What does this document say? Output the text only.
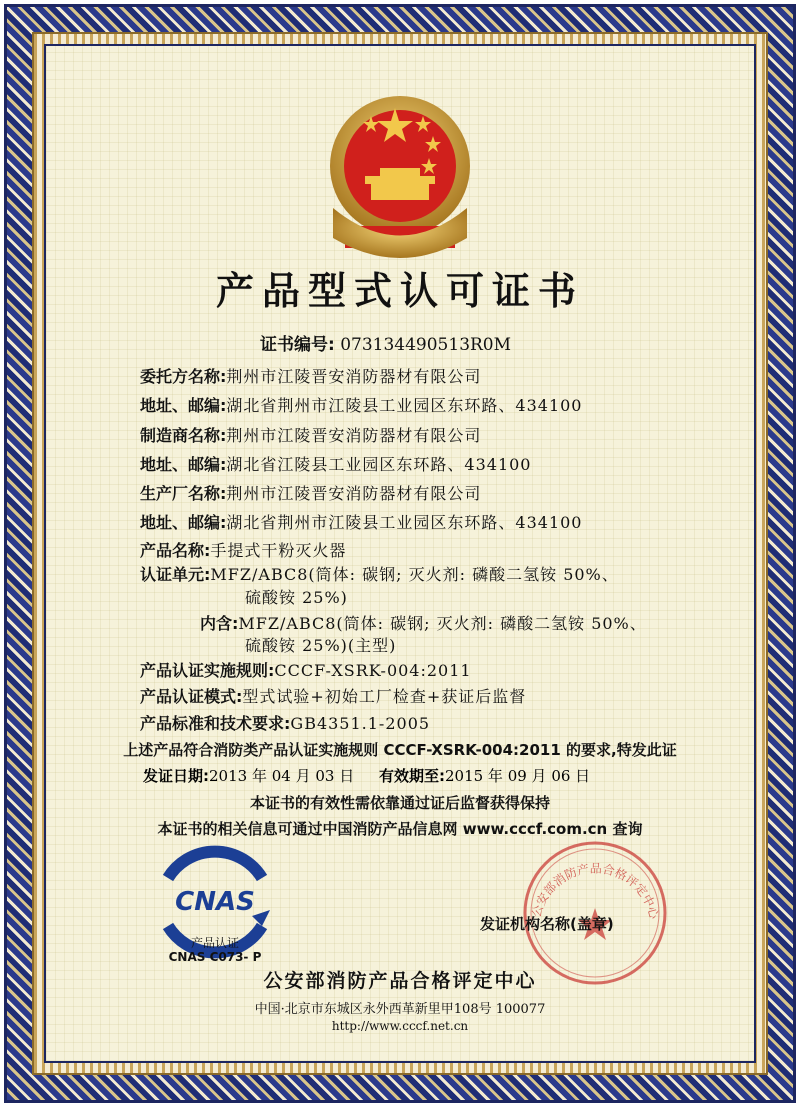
产品型式认可证书
证书编号: 073134490513R0M
委托方名称:荆州市江陵晋安消防器材有限公司
地址、邮编:湖北省荆州市江陵县工业园区东环路、434100
制造商名称:荆州市江陵晋安消防器材有限公司
地址、邮编:湖北省江陵县工业园区东环路、434100
生产厂名称:荆州市江陵晋安消防器材有限公司
地址、邮编:湖北省荆州市江陵县工业园区东环路、434100
产品名称:手提式干粉灭火器
认证单元:MFZ/ABC8(筒体: 碳钢; 灭火剂: 磷酸二氢铵 50%、
硫酸铵 25%)
内含:MFZ/ABC8(筒体: 碳钢; 灭火剂: 磷酸二氢铵 50%、
硫酸铵 25%)(主型)
产品认证实施规则:CCCF-XSRK-004:2011
产品认证模式:型式试验+初始工厂检查+获证后监督
产品标准和技术要求:GB4351.1-2005
上述产品符合消防类产品认证实施规则 CCCF-XSRK-004:2011 的要求,特发此证
发证日期:2013 年 04 月 03 日 有效期至:2015 年 09 月 06 日
本证书的有效性需依靠通过证后监督获得保持
本证书的相关信息可通过中国消防产品信息网 www.cccf.com.cn 查询
CNAS
产品认证
CNAS C073- P
公安部消防产品合格评定中心
发证机构名称(盖章)
公安部消防产品合格评定中心
中国·北京市东城区永外西革新里甲108号 100077
http://www.cccf.net.cn
